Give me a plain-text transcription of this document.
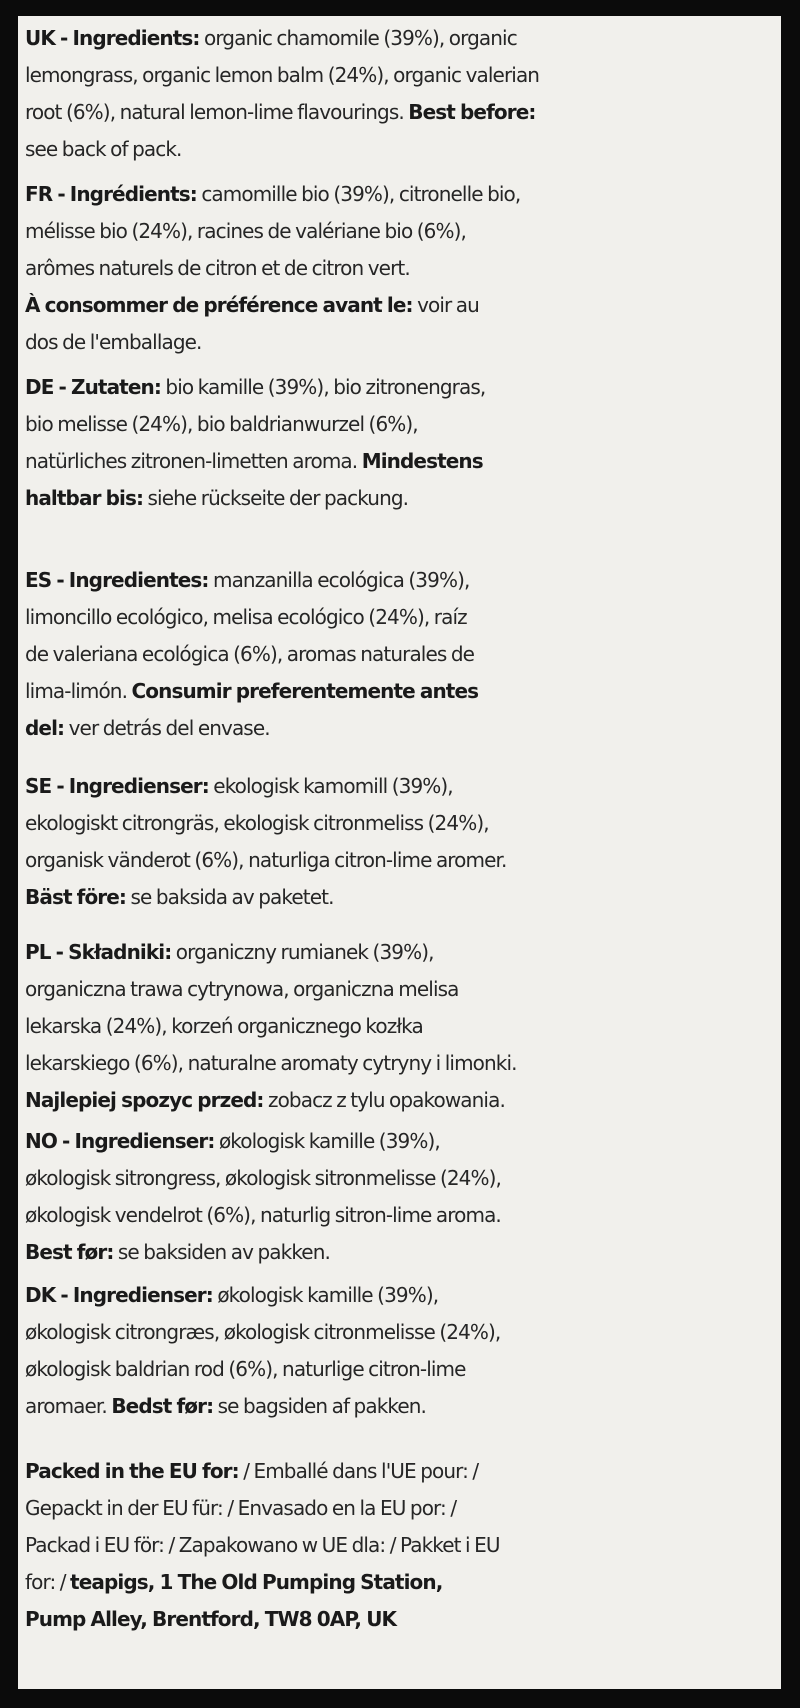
UK - Ingredients: organic chamomile (39%), organic
lemongrass, organic lemon balm (24%), organic valerian
root (6%), natural lemon-lime flavourings. Best before:
see back of pack.
FR - Ingrédients: camomille bio (39%), citronelle bio,
mélisse bio (24%), racines de valériane bio (6%),
arômes naturels de citron et de citron vert.
À consommer de préférence avant le: voir au
dos de l'emballage.
DE - Zutaten: bio kamille (39%), bio zitronengras,
bio melisse (24%), bio baldrianwurzel (6%),
natürliches zitronen-limetten aroma. Mindestens
haltbar bis: siehe rückseite der packung.
ES - Ingredientes: manzanilla ecológica (39%),
limoncillo ecológico, melisa ecológico (24%), raíz
de valeriana ecológica (6%), aromas naturales de
lima-limón. Consumir preferentemente antes
del: ver detrás del envase.
SE - Ingredienser: ekologisk kamomill (39%),
ekologiskt citrongräs, ekologisk citronmeliss (24%),
organisk vänderot (6%), naturliga citron-lime aromer.
Bäst före: se baksida av paketet.
PL - Składniki: organiczny rumianek (39%),
organiczna trawa cytrynowa, organiczna melisa
lekarska (24%), korzeń organicznego kozłka
lekarskiego (6%), naturalne aromaty cytryny i limonki.
Najlepiej spozyc przed: zobacz z tylu opakowania.
NO - Ingredienser: økologisk kamille (39%),
økologisk sitrongress, økologisk sitronmelisse (24%),
økologisk vendelrot (6%), naturlig sitron-lime aroma.
Best før: se baksiden av pakken.
DK - Ingredienser: økologisk kamille (39%),
økologisk citrongræs, økologisk citronmelisse (24%),
økologisk baldrian rod (6%), naturlige citron-lime
aromaer. Bedst før: se bagsiden af pakken.
Packed in the EU for: / Emballé dans l'UE pour: /
Gepackt in der EU für: / Envasado en la EU por: /
Packad i EU för: / Zapakowano w UE dla: / Pakket i EU
for: / teapigs, 1 The Old Pumping Station,
Pump Alley, Brentford, TW8 0AP, UK
